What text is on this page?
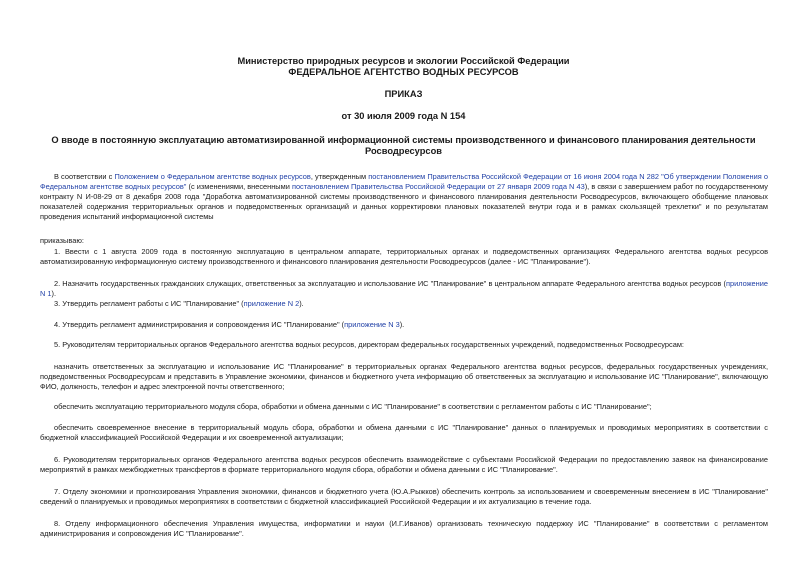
Министерство природных ресурсов и экологии Российской Федерации
ФЕДЕРАЛЬНОЕ АГЕНТСТВО ВОДНЫХ РЕСУРСОВ
ПРИКАЗ
от 30 июля 2009 года N 154
О вводе в постоянную эксплуатацию автоматизированной информационной системы производственного и финансового планирования деятельности
Росводресурсов
В соответствии с Положением о Федеральном агентстве водных ресурсов, утвержденным постановлением Правительства Российской Федерации от 16 июня 2004 года N 282 "Об утверждении Положения о Федеральном агентстве водных ресурсов" (с изменениями, внесенными постановлением Правительства Российской Федерации от 27 января 2009 года N 43), в связи с завершением работ по государственному контракту N И-08-29 от 8 декабря 2008 года "Доработка автоматизированной системы производственного и финансового планирования деятельности Росводресурсов, включающего обобщение плановых показателей содержания территориальных органов и подведомственных организаций и данных корректировки плановых показателей внутри года и в рамках скользящей трехлетки" и по результатам проведения испытаний информационной системы
приказываю:
1. Ввести с 1 августа 2009 года в постоянную эксплуатацию в центральном аппарате, территориальных органах и подведомственных организациях Федерального агентства водных ресурсов автоматизированную информационную систему производственного и финансового планирования деятельности Росводресурсов (далее - ИС "Планирование").
2. Назначить государственных гражданских служащих, ответственных за эксплуатацию и использование ИС "Планирование" в центральном аппарате Федерального агентства водных ресурсов (приложение N 1).
3. Утвердить регламент работы с ИС "Планирование" (приложение N 2).
4. Утвердить регламент администрирования и сопровождения ИС "Планирование" (приложение N 3).
5. Руководителям территориальных органов Федерального агентства водных ресурсов, директорам федеральных государственных учреждений, подведомственных Росводресурсам:
назначить ответственных за эксплуатацию и использование ИС "Планирование" в территориальных органах Федерального агентства водных ресурсов, федеральных государственных учреждениях, подведомственных Росводресурсам и представить в Управление экономики, финансов и бюджетного учета информацию об ответственных за эксплуатацию и использование ИС "Планирование", включающую ФИО, должность, телефон и адрес электронной почты ответственного;
обеспечить эксплуатацию территориального модуля сбора, обработки и обмена данными с ИС "Планирование" в соответствии с регламентом работы с ИС "Планирование";
обеспечить своевременное внесение в территориальный модуль сбора, обработки и обмена данными с ИС "Планирование" данных о планируемых и проводимых мероприятиях в соответствии с бюджетной классификацией Российской Федерации и их своевременной актуализации;
6. Руководителям территориальных органов Федерального агентства водных ресурсов обеспечить взаимодействие с субъектами Российской Федерации по предоставлению заявок на финансирование мероприятий в рамках межбюджетных трансфертов в формате территориального модуля сбора, обработки и обмена данными с ИС "Планирование".
7. Отделу экономики и прогнозирования Управления экономики, финансов и бюджетного учета (Ю.А.Рыжков) обеспечить контроль за использованием и своевременным внесением в ИС "Планирование" сведений о планируемых и проводимых мероприятиях в соответствии с бюджетной классификацией Российской Федерации и их актуализацию в течение года.
8. Отделу информационного обеспечения Управления имущества, информатики и науки (И.Г.Иванов) организовать техническую поддержку ИС "Планирование" в соответствии с регламентом администрирования и сопровождения ИС "Планирование".
